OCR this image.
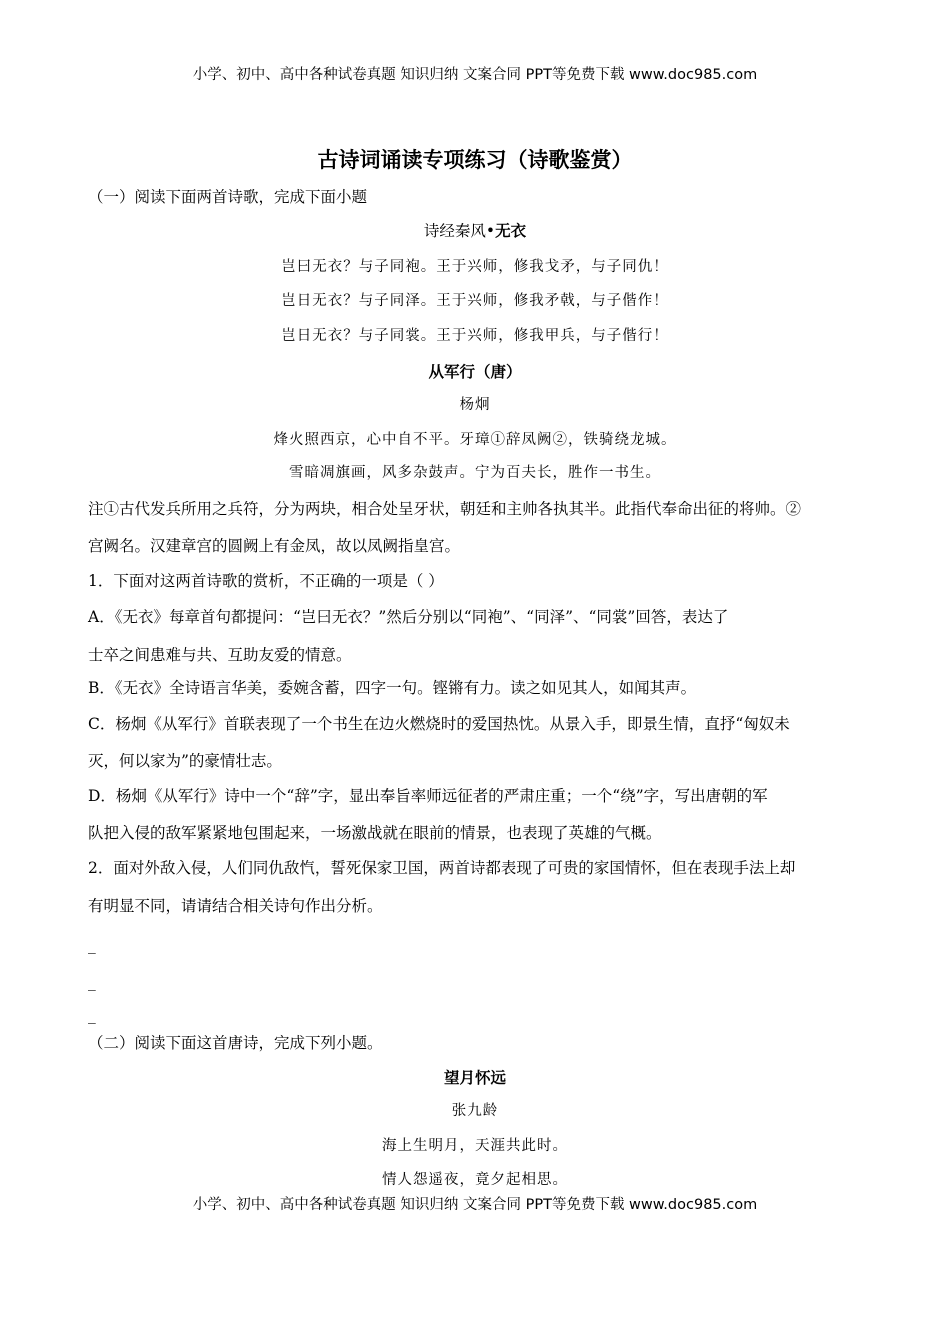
小学、初中、高中各种试卷真题 知识归纳 文案合同 PPT等免费下载 www.doc985.com
古诗词诵读专项练习（诗歌鉴赏）
（一）阅读下面两首诗歌，完成下面小题
诗经秦风•无衣
岂曰无衣？与子同袍。王于兴师，修我戈矛，与子同仇！
岂日无衣？与子同泽。王于兴师，修我矛戟，与子偕作！
岂日无衣？与子同裳。王于兴师，修我甲兵，与子偕行！
从军行（唐）
杨炯
烽火照西京，心中自不平。牙璋①辞凤阙②，铁骑绕龙城。
雪暗凋旗画，风多杂鼓声。宁为百夫长，胜作一书生。
注①古代发兵所用之兵符，分为两块，相合处呈牙状，朝廷和主帅各执其半。此指代奉命出征的将帅。②
宫阙名。汉建章宫的圆阙上有金凤，故以凤阙指皇宫。
1．下面对这两首诗歌的赏析，不正确的一项是（ ）
A．《无衣》每章首句都提问：“岂曰无衣？”然后分别以“同袍”、“同泽”、“同裳”回答，表达了
士卒之间患难与共、互助友爱的情意。
B．《无衣》全诗语言华美，委婉含蓄，四字一句。铿锵有力。读之如见其人，如闻其声。
C．杨炯《从军行》首联表现了一个书生在边火燃烧时的爱国热忱。从景入手，即景生情，直抒“匈奴未
灭，何以家为”的豪情壮志。
D．杨炯《从军行》诗中一个“辞”字，显出奉旨率师远征者的严肃庄重；一个“绕”字，写出唐朝的军
队把入侵的敌军紧紧地包围起来，一场激战就在眼前的情景，也表现了英雄的气概。
2．面对外敌入侵，人们同仇敌忾，誓死保家卫国，两首诗都表现了可贵的家国情怀，但在表现手法上却
有明显不同，请请结合相关诗句作出分析。
_
_
_
（二）阅读下面这首唐诗，完成下列小题。
望月怀远
张九龄
海上生明月，天涯共此时。
情人怨遥夜，竟夕起相思。
小学、初中、高中各种试卷真题 知识归纳 文案合同 PPT等免费下载 www.doc985.com
